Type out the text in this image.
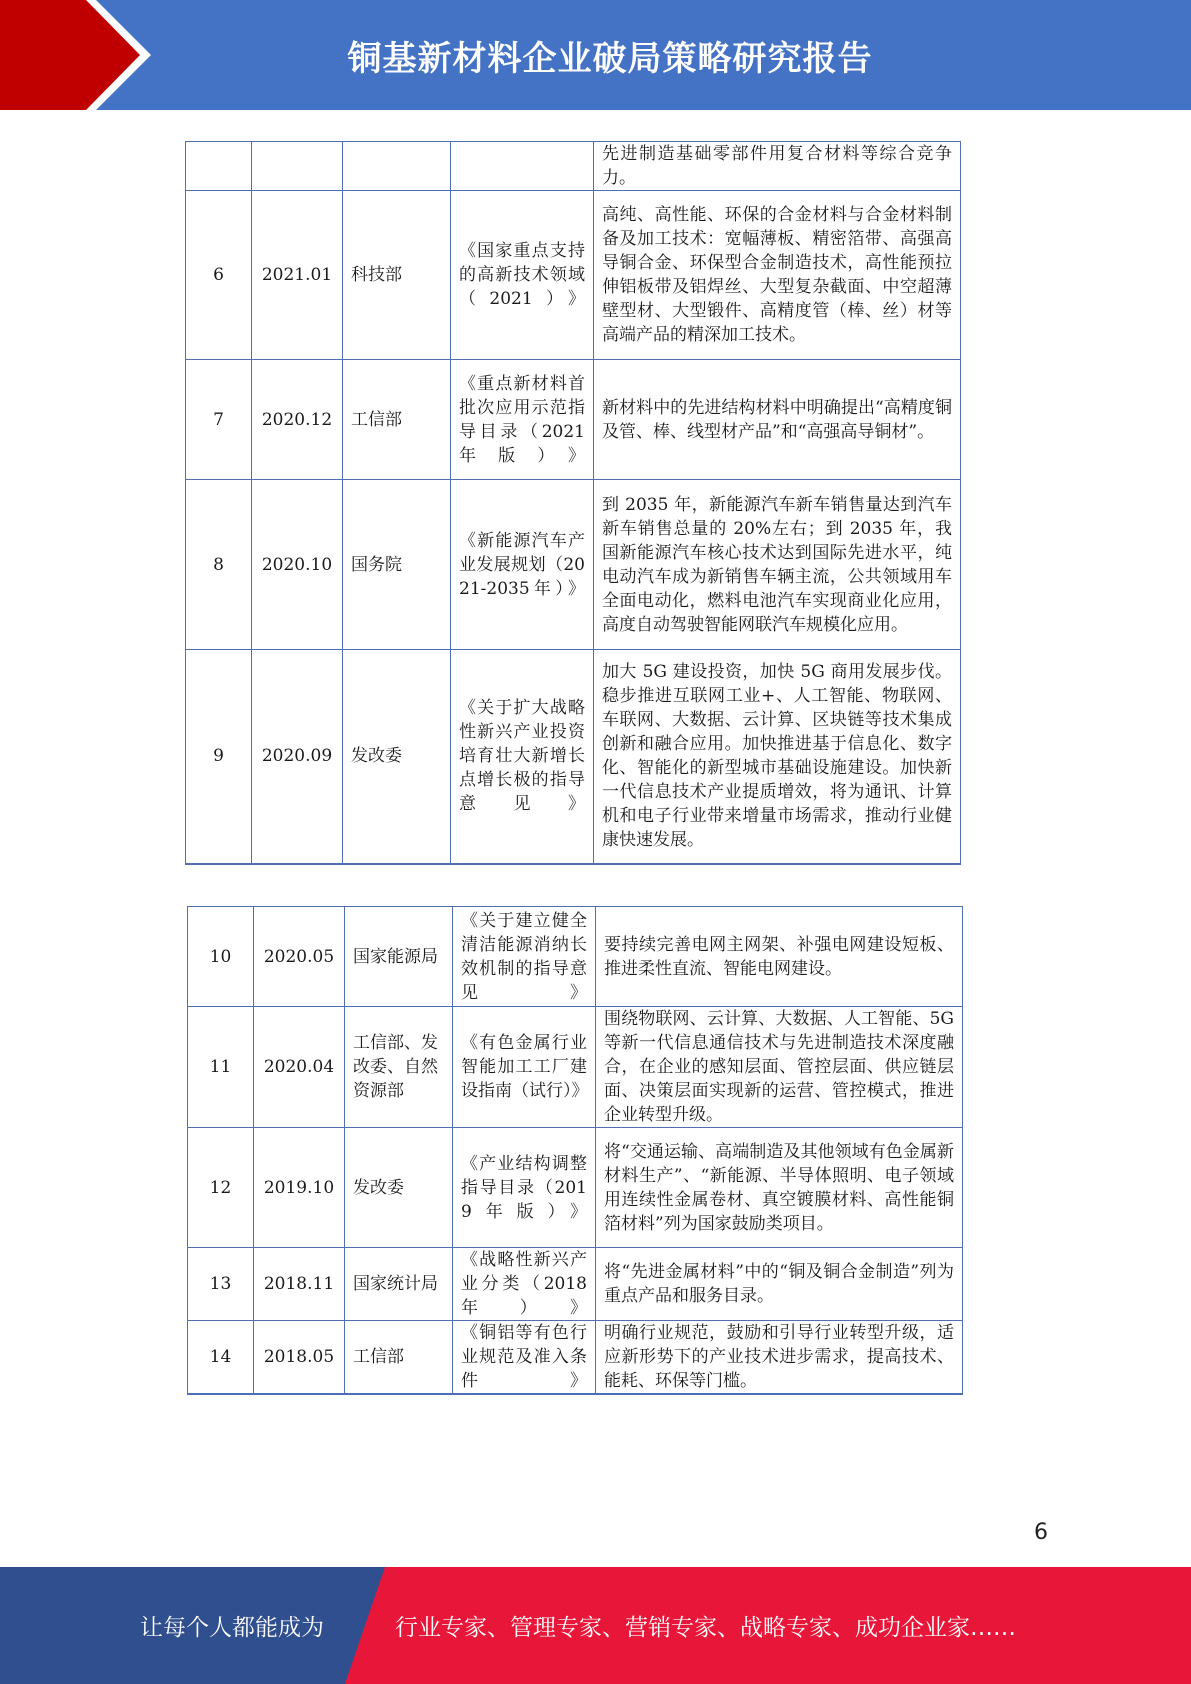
铜基新材料企业破局策略研究报告
				先进制造基础零部件用复合材料等综合竞争力。
6	2021.01	科技部	《国家重点支持的高新技术领域（2021）》	高纯、高性能、环保的合金材料与合金材料制备及加工技术：宽幅薄板、精密箔带、高强高导铜合金、环保型合金制造技术，高性能预拉伸铝板带及铝焊丝、大型复杂截面、中空超薄壁型材、大型锻件、高精度管（棒、丝）材等高端产品的精深加工技术。
7	2020.12	工信部	《重点新材料首批次应用示范指导目录（2021年版）》	新材料中的先进结构材料中明确提出“高精度铜及管、棒、线型材产品”和“高强高导铜材”。
8	2020.10	国务院	《新能源汽车产业发展规划（2021-2035年）》	到 2035 年，新能源汽车新车销售量达到汽车新车销售总量的 20%左右；到 2035 年，我国新能源汽车核心技术达到国际先进水平，纯电动汽车成为新销售车辆主流，公共领域用车全面电动化，燃料电池汽车实现商业化应用，高度自动驾驶智能网联汽车规模化应用。
9	2020.09	发改委	《关于扩大战略性新兴产业投资培育壮大新增长点增长极的指导意见》	加大 5G 建设投资，加快 5G 商用发展步伐。稳步推进互联网工业+、人工智能、物联网、车联网、大数据、云计算、区块链等技术集成创新和融合应用。加快推进基于信息化、数字化、智能化的新型城市基础设施建设。加快新一代信息技术产业提质增效，将为通讯、计算机和电子行业带来增量市场需求，推动行业健康快速发展。
10	2020.05	国家能源局	《关于建立健全清洁能源消纳长效机制的指导意见》	要持续完善电网主网架、补强电网建设短板、推进柔性直流、智能电网建设。
11	2020.04	工信部、发改委、自然资源部	《有色金属行业智能加工工厂建设指南（试行）》	围绕物联网、云计算、大数据、人工智能、5G 等新一代信息通信技术与先进制造技术深度融合，在企业的感知层面、管控层面、供应链层面、决策层面实现新的运营、管控模式，推进企业转型升级。
12	2019.10	发改委	《产业结构调整指导目录（2019年版）》	将“交通运输、高端制造及其他领域有色金属新材料生产”、“新能源、半导体照明、电子领域用连续性金属卷材、真空镀膜材料、高性能铜箔材料”列为国家鼓励类项目。
13	2018.11	国家统计局	《战略性新兴产业分类（2018年）》	将“先进金属材料”中的“铜及铜合金制造”列为重点产品和服务目录。
14	2018.05	工信部	《铜铝等有色行业规范及准入条件》	明确行业规范，鼓励和引导行业转型升级，适应新形势下的产业技术进步需求，提高技术、能耗、环保等门槛。
6
让每个人都能成为	行业专家、管理专家、营销专家、战略专家、成功企业家……
